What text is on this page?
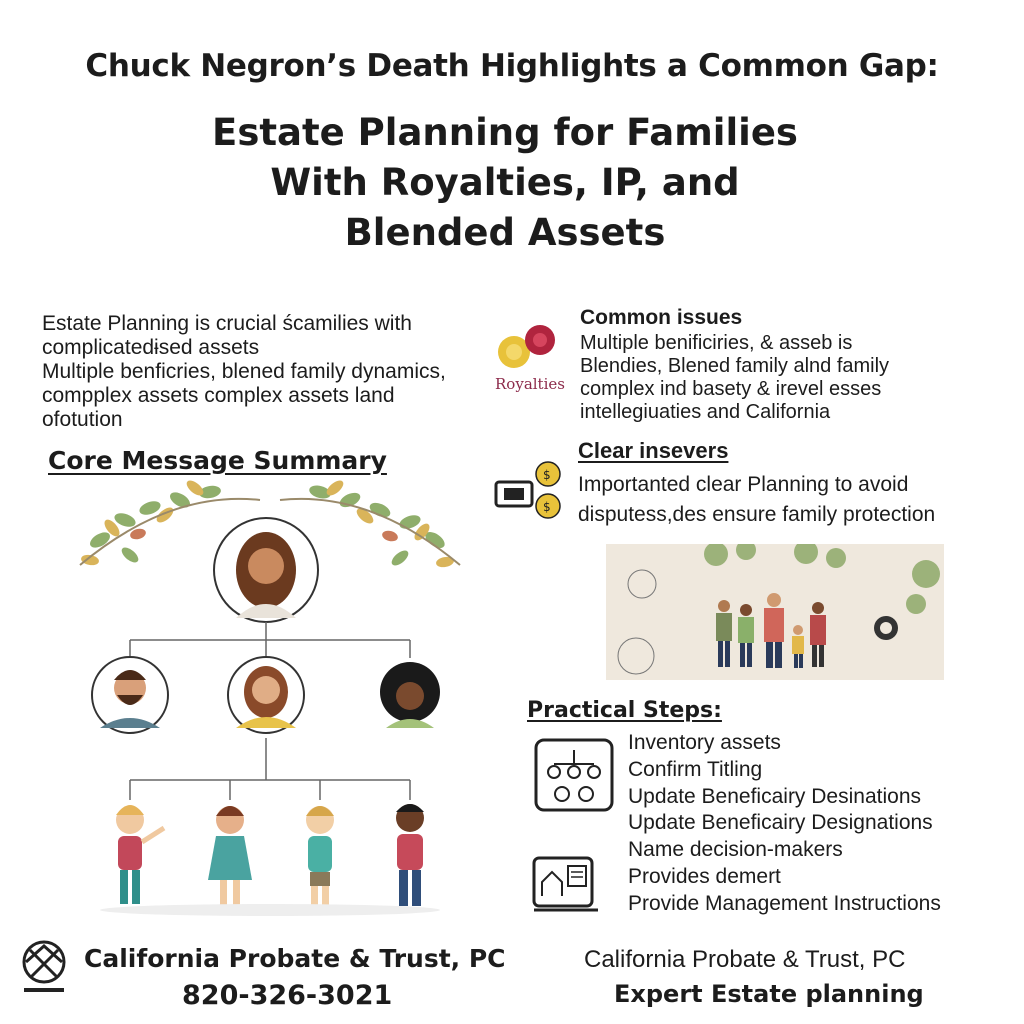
Chuck Negron’s Death Highlights a Common Gap:
Estate Planning for Families
With Royalties, IP, and
Blended Assets
Estate Planning is crucial ścamilies with
complicatedɨsed assets
Multiple benficries, blened family dynamics,
compplex assets complex assets land
ofotution
Core Message Summary
Royalties
Common issues
Multiple benificiries, & asseb is
Blendies, Blened family alnd family
complex ind basety & irevel esses
intellegiuaties and California
$
$
Clear insevers
Importanted clear Planning to avoid
disputess,des ensure family protection
Practical Steps:
Inventory assets
Confirm Titling
Update Beneficairy Desinations
Update Beneficairy Designations
Name decision-makers
Provides demert
Provide Management Instructions
California Probate & Trust, PC
820-326-3021
California Probate & Trust, PC
Expert Estate planning
